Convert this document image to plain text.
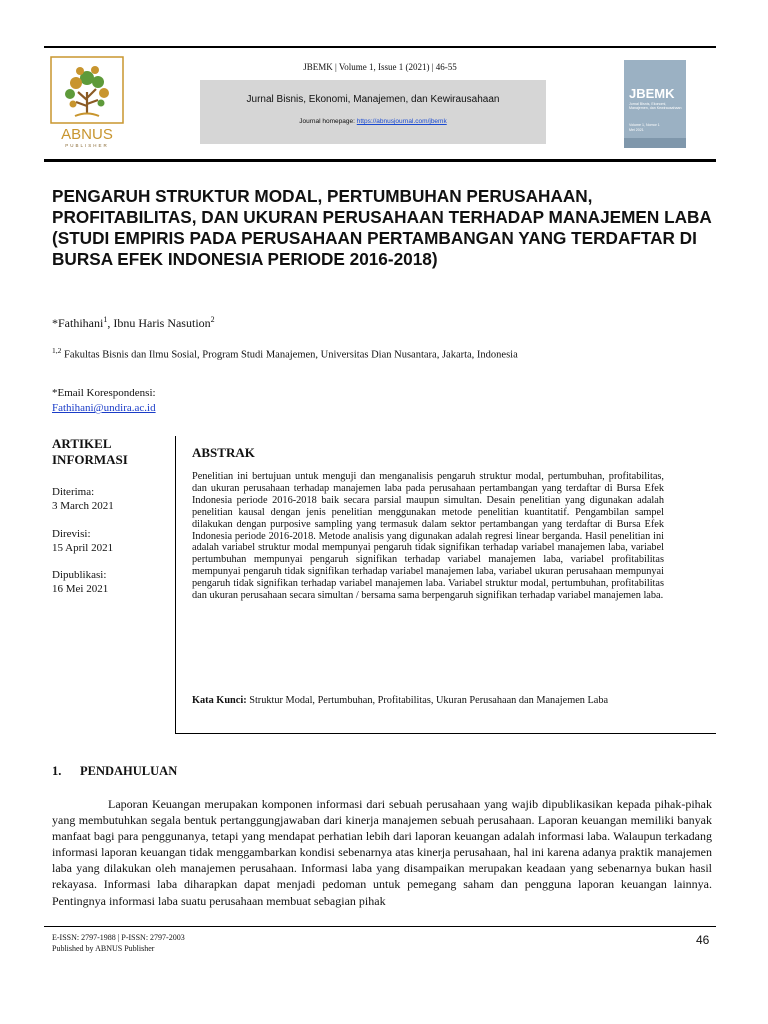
ABNUS
PUBLISHER
JBEMK | Volume 1, Issue 1 (2021) | 46-55
Jurnal Bisnis, Ekonomi, Manajemen, dan Kewirausahaan
Journal homepage: https://abnusjournal.com/jbemk
JBEMK
Jurnal Bisnis, Ekonomi, Manajemen, dan Kewirausahaan
Volume 1, Nomor 1
Mei 2021
PENGARUH STRUKTUR MODAL, PERTUMBUHAN PERUSAHAAN, PROFITABILITAS, DAN UKURAN PERUSAHAAN TERHADAP MANAJEMEN LABA (STUDI EMPIRIS PADA PERUSAHAAN PERTAMBANGAN YANG TERDAFTAR DI BURSA EFEK INDONESIA PERIODE 2016-2018)
*Fathihani$^1$, Ibnu Haris Nasution$^2$
$^{1,2}$ Fakultas Bisnis dan Ilmu Sosial, Program Studi Manajemen, Universitas Dian Nusantara, Jakarta, Indonesia
*Email Korespondensi:
Fathihani@undira.ac.id
ARTIKEL INFORMASI
Diterima:
3 March 2021
Direvisi:
15 April 2021
Dipublikasi:
16 Mei 2021
ABSTRAK

Penelitian ini bertujuan untuk menguji dan menganalisis pengaruh struktur modal, pertumbuhan, profitabilitas, dan ukuran perusahaan terhadap manajemen laba pada perusahaan pertambangan yang terdaftar di Bursa Efek Indonesia periode 2016-2018 baik secara parsial maupun simultan. Desain penelitian yang digunakan adalah penelitian kausal dengan jenis penelitian menggunakan metode penelitian kuantitatif. Pengambilan sampel dilakukan dengan purposive sampling yang termasuk dalam sektor pertambangan yang terdaftar di Bursa Efek Indonesia periode 2016-2018. Metode analisis yang digunakan adalah regresi linear berganda. Hasil penelitian ini adalah variabel struktur modal mempunyai pengaruh tidak signifikan terhadap variabel manajemen laba, variabel pertumbuhan mempunyai pengaruh signifikan terhadap variabel manajemen laba, variabel profitabilitas mempunyai pengaruh tidak signifikan terhadap variabel manajemen laba, variabel ukuran perusahaan mempunyai pengaruh tidak signifikan terhadap variabel manajemen laba. Variabel struktur modal, pertumbuhan, profitabilitas dan ukuran perusahaan secara simultan / bersama sama berpengaruh signifikan terhadap variabel manajemen laba.

Kata Kunci: Struktur Modal, Pertumbuhan, Profitabilitas, Ukuran Perusahaan dan Manajemen Laba

1. PENDAHULUAN

Laporan Keuangan merupakan komponen informasi dari sebuah perusahaan yang wajib dipublikasikan kepada pihak-pihak yang membutuhkan segala bentuk pertanggungjawaban dari kinerja manajemen sebuah perusahaan. Laporan keuangan memiliki banyak manfaat bagi para penggunanya, tetapi yang mendapat perhatian lebih dari laporan keuangan adalah informasi laba. Walaupun terkadang informasi laporan keuangan tidak menggambarkan kondisi sebenarnya atas kinerja perusahaan, hal ini karena adanya praktik manajemen laba yang dilakukan oleh manajemen perusahaan. Informasi laba yang disampaikan merupakan keadaan yang sebenarnya bukan hasil rekayasa. Informasi laba diharapkan dapat menjadi pedoman untuk pemegang saham dan pengguna laporan keuangan lainnya. Pentingnya informasi laba suatu perusahaan membuat sebagian pihak

E-ISSN: 2797-1988 | P-ISSN: 2797-2003
Published by ABNUS Publisher
46
